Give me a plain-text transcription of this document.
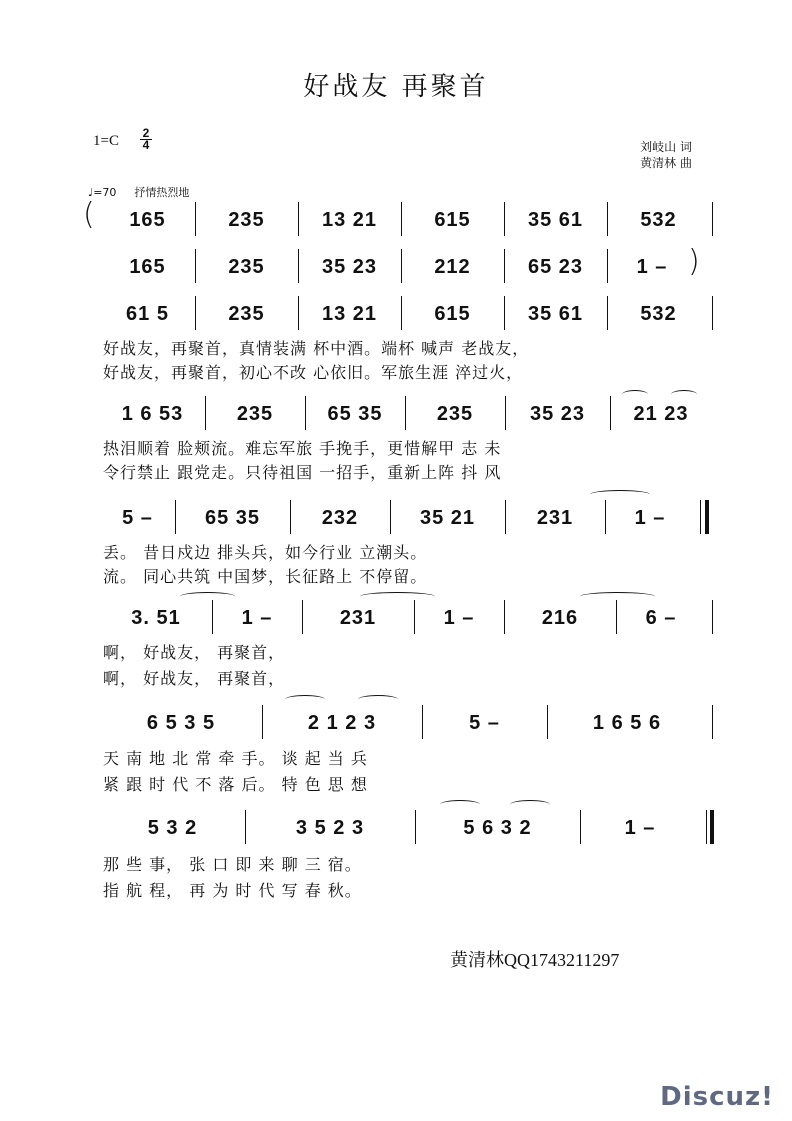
好战友 再聚首
1=C 2
4	刘岐山 词
黄清林 曲
♩=70 抒情热烈地
(	165	235	13 21	615	35 61	532
165	235	35 23	212	65 23	1 – )
61 5	235	13 21	615	35 61	532
好战友，再聚首，真情装满 杯中酒。端杯 喊声 老战友，
好战友，再聚首，初心不改 心依旧。军旅生涯 淬过火，
1 6 53	235	65 35	235	35 23	21 23
热泪顺着 脸颊流。难忘军旅 手挽手，更惜解甲 志 未
令行禁止 跟党走。只待祖国 一招手，重新上阵 抖 风
5 –	65 35	232	35 21	231	1 –
丢。 昔日戍边 排头兵，如今行业 立潮头。
流。 同心共筑 中国梦，长征路上 不停留。
3. 51	1 –	231	1 –	216	6 –
啊， 好战友， 再聚首，
啊， 好战友， 再聚首，
6 5 3 5	2 1 2 3	5 –	1 6 5 6
天 南 地 北 常 牵 手。 谈 起 当 兵
紧 跟 时 代 不 落 后。 特 色 思 想
5 3 2	3 5 2 3	5 6 3 2	1 –
那 些 事， 张 口 即 来 聊 三 宿。
指 航 程， 再 为 时 代 写 春 秋。
黄清林QQ1743211297
Discuz!
